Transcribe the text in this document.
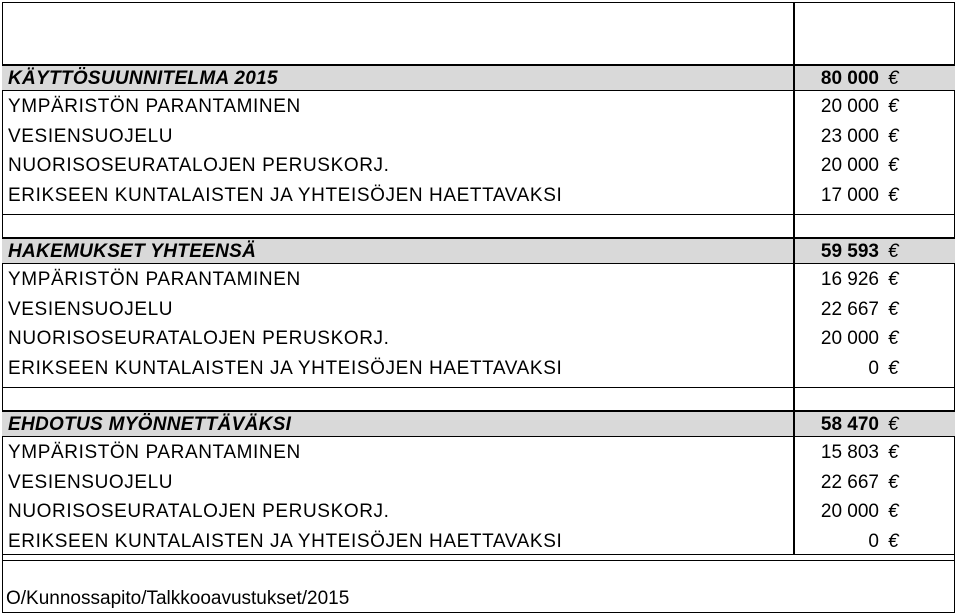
KÄYTTÖSUUNNITELMA 2015	80 000 €
YMPÄRISTÖN PARANTAMINEN	20 000 €
VESIENSUOJELU	23 000 €
NUORISOSEURATALOJEN PERUSKORJ.	20 000 €
ERIKSEEN KUNTALAISTEN JA YHTEISÖJEN HAETTAVAKSI	17 000 €
HAKEMUKSET YHTEENSÄ	59 593 €
YMPÄRISTÖN PARANTAMINEN	16 926 €
VESIENSUOJELU	22 667 €
NUORISOSEURATALOJEN PERUSKORJ.	20 000 €
ERIKSEEN KUNTALAISTEN JA YHTEISÖJEN HAETTAVAKSI	0 €
EHDOTUS MYÖNNETTÄVÄKSI	58 470 €
YMPÄRISTÖN PARANTAMINEN	15 803 €
VESIENSUOJELU	22 667 €
NUORISOSEURATALOJEN PERUSKORJ.	20 000 €
ERIKSEEN KUNTALAISTEN JA YHTEISÖJEN HAETTAVAKSI	0 €
O/Kunnossapito/Talkkooavustukset/2015
